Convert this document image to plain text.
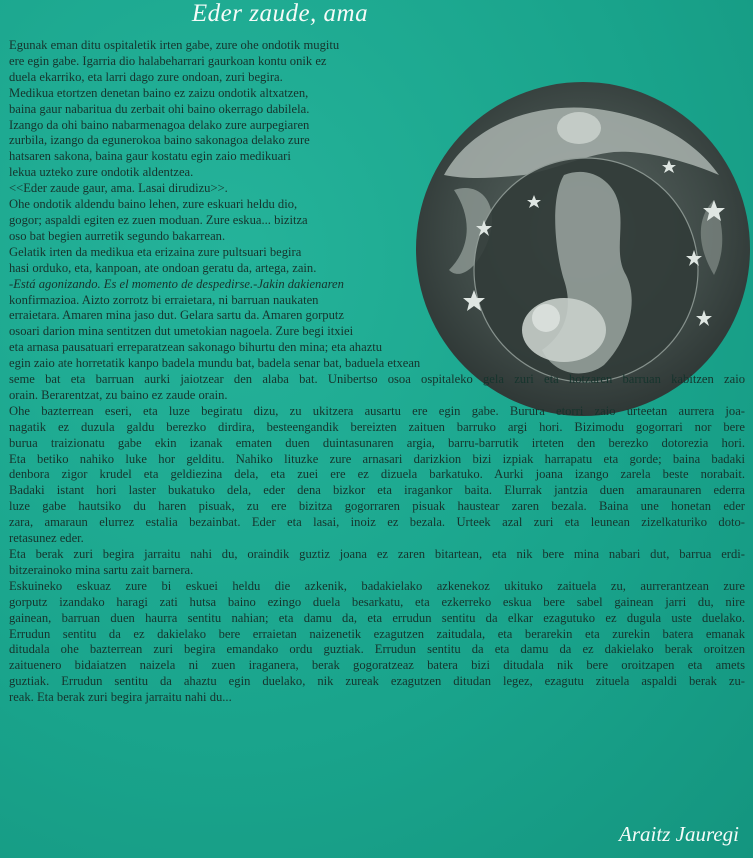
Eder zaude, ama
Egunak eman ditu ospitaletik irten gabe, zure ohe ondotik mugitu
ere egin gabe. Igarria dio halabeharrari gaurkoan kontu onik ez
duela ekarriko, eta larri dago zure ondoan, zuri begira.
Medikua etortzen denetan baino ez zaizu ondotik altxatzen,
baina gaur nabaritua du zerbait ohi baino okerrago dabilela.
Izango da ohi baino nabarmenagoa delako zure aurpegiaren
zurbila, izango da egunerokoa baino sakonagoa delako zure
hatsaren sakona, baina gaur kostatu egin zaio medikuari
lekua uzteko zure ondotik aldentzea.
<<Eder zaude gaur, ama. Lasai dirudizu>>.
Ohe ondotik aldendu baino lehen, zure eskuari heldu dio,
gogor; aspaldi egiten ez zuen moduan. Zure eskua... bizitza
oso bat begien aurretik segundo bakarrean.
Gelatik irten da medikua eta erizaina zure pultsuari begira
hasi orduko, eta, kanpoan, ate ondoan geratu da, artega, zain.
-Está agonizando. Es el momento de despedirse.-Jakin dakienaren
konfirmazioa. Aizto zorrotz bi erraietara, ni barruan naukaten
erraietara. Amaren mina jaso dut. Gelara sartu da. Amaren gorputz
osoari darion mina sentitzen dut umetokian nagoela. Zure begi itxiei
eta arnasa pausatuari erreparatzean sakonago bihurtu den mina; eta ahaztu
egin zaio ate horretatik kanpo badela mundu bat, badela senar bat, baduela etxean
seme bat eta barruan aurki jaiotzear den alaba bat. Unibertso osoa ospitaleko gela zuri eta hotzaren barruan kabitzen zaio
orain. Berarentzat, zu baino ez zaude orain.
Ohe bazterrean eseri, eta luze begiratu dizu, zu ukitzera ausartu ere egin gabe. Burura etorri zaio urteetan aurrera joa-
nagatik ez duzula galdu berezko dirdira, besteengandik bereizten zaituen barruko argi hori. Bizimodu gogorrari nor bere
burua traizionatu gabe ekin izanak ematen duen duintasunaren argia, barru-barrutik irteten den berezko dotorezia hori.
Eta betiko nahiko luke hor gelditu. Nahiko lituzke zure arnasari darizkion bizi izpiak harrapatu eta gorde; baina badaki
denbora zigor krudel eta geldiezina dela, eta zuei ere ez dizuela barkatuko. Aurki joana izango zarela beste norabait.
Badaki istant hori laster bukatuko dela, eder dena bizkor eta iragankor baita. Elurrak jantzia duen amaraunaren ederra
luze gabe hautsiko du haren pisuak, zu ere bizitza gogorraren pisuak haustear zaren bezala. Baina une honetan eder
zara, amaraun elurrez estalia bezainbat. Eder eta lasai, inoiz ez bezala. Urteek azal zuri eta leunean zizelkaturiko doto-
retasunez eder.
Eta berak zuri begira jarraitu nahi du, oraindik guztiz joana ez zaren bitartean, eta nik bere mina nabari dut, barrua erdi-
bitzerainoko mina sartu zait barnera.
Eskuineko eskuaz zure bi eskuei heldu die azkenik, badakielako azkenekoz ukituko zaituela zu, aurrerantzean zure
gorputz izandako haragi zati hutsa baino ezingo duela besarkatu, eta ezkerreko eskua bere sabel gainean jarri du, nire
gainean, barruan duen haurra sentitu nahian; eta damu da, eta errudun sentitu da elkar ezagutuko ez dugula uste duelako.
Errudun sentitu da ez dakielako bere erraietan naizenetik ezagutzen zaitudala, eta berarekin eta zurekin batera emanak
ditudala ohe bazterrean zuri begira emandako ordu guztiak. Errudun sentitu da eta damu da ez dakielako berak oroitzen
zaituenero bidaiatzen naizela ni zuen iraganera, berak gogoratzeaz batera bizi ditudala nik bere oroitzapen eta amets
guztiak. Errudun sentitu da ahaztu egin duelako, nik zureak ezagutzen ditudan legez, ezagutu zituela aspaldi berak zu-
reak. Eta berak zuri begira jarraitu nahi du...
Araitz Jauregi
